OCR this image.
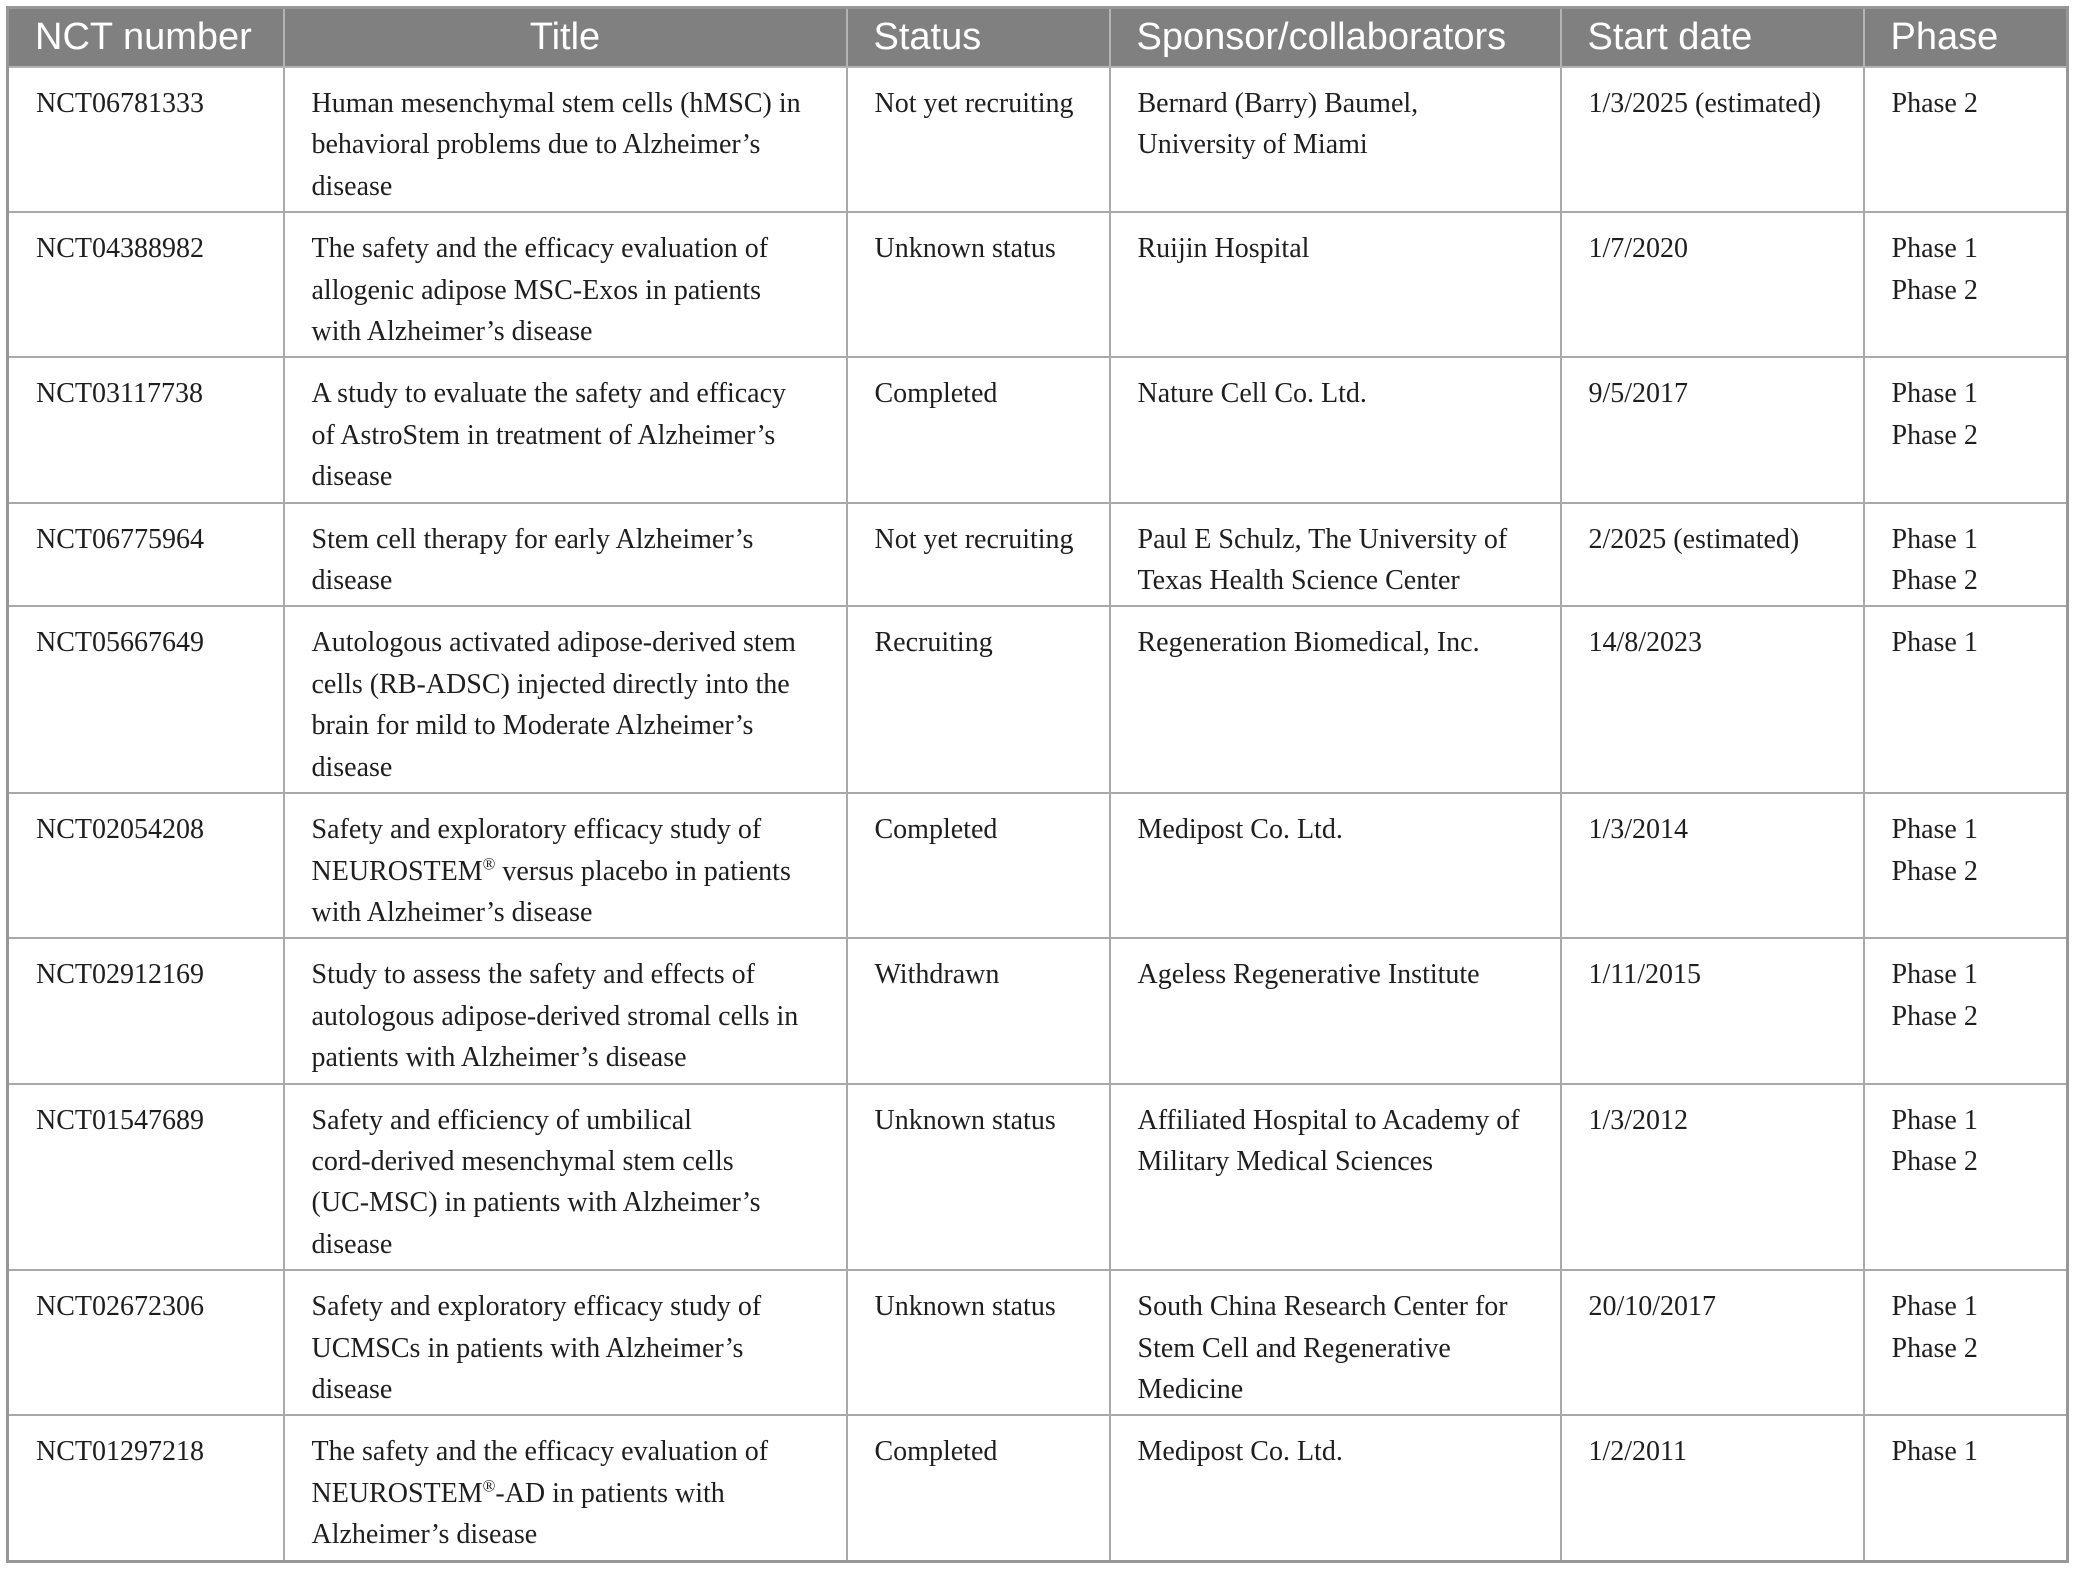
NCT number	Title	Status	Sponsor/collaborators	Start date	Phase
NCT06781333	Human mesenchymal stem cells (hMSC) in
behavioral problems due to Alzheimer’s
disease	Not yet recruiting	Bernard (Barry) Baumel,
University of Miami	1/3/2025 (estimated)	Phase 2
NCT04388982	The safety and the efficacy evaluation of
allogenic adipose MSC-Exos in patients
with Alzheimer’s disease	Unknown status	Ruijin Hospital	1/7/2020	Phase 1
Phase 2
NCT03117738	A study to evaluate the safety and efficacy
of AstroStem in treatment of Alzheimer’s
disease	Completed	Nature Cell Co. Ltd.	9/5/2017	Phase 1
Phase 2
NCT06775964	Stem cell therapy for early Alzheimer’s
disease	Not yet recruiting	Paul E Schulz, The University of
Texas Health Science Center	2/2025 (estimated)	Phase 1
Phase 2
NCT05667649	Autologous activated adipose-derived stem
cells (RB-ADSC) injected directly into the
brain for mild to Moderate Alzheimer’s
disease	Recruiting	Regeneration Biomedical, Inc.	14/8/2023	Phase 1
NCT02054208	Safety and exploratory efficacy study of
NEUROSTEM® versus placebo in patients
with Alzheimer’s disease	Completed	Medipost Co. Ltd.	1/3/2014	Phase 1
Phase 2
NCT02912169	Study to assess the safety and effects of
autologous adipose-derived stromal cells in
patients with Alzheimer’s disease	Withdrawn	Ageless Regenerative Institute	1/11/2015	Phase 1
Phase 2
NCT01547689	Safety and efficiency of umbilical
cord-derived mesenchymal stem cells
(UC-MSC) in patients with Alzheimer’s
disease	Unknown status	Affiliated Hospital to Academy of
Military Medical Sciences	1/3/2012	Phase 1
Phase 2
NCT02672306	Safety and exploratory efficacy study of
UCMSCs in patients with Alzheimer’s
disease	Unknown status	South China Research Center for
Stem Cell and Regenerative
Medicine	20/10/2017	Phase 1
Phase 2
NCT01297218	The safety and the efficacy evaluation of
NEUROSTEM®-AD in patients with
Alzheimer’s disease	Completed	Medipost Co. Ltd.	1/2/2011	Phase 1
